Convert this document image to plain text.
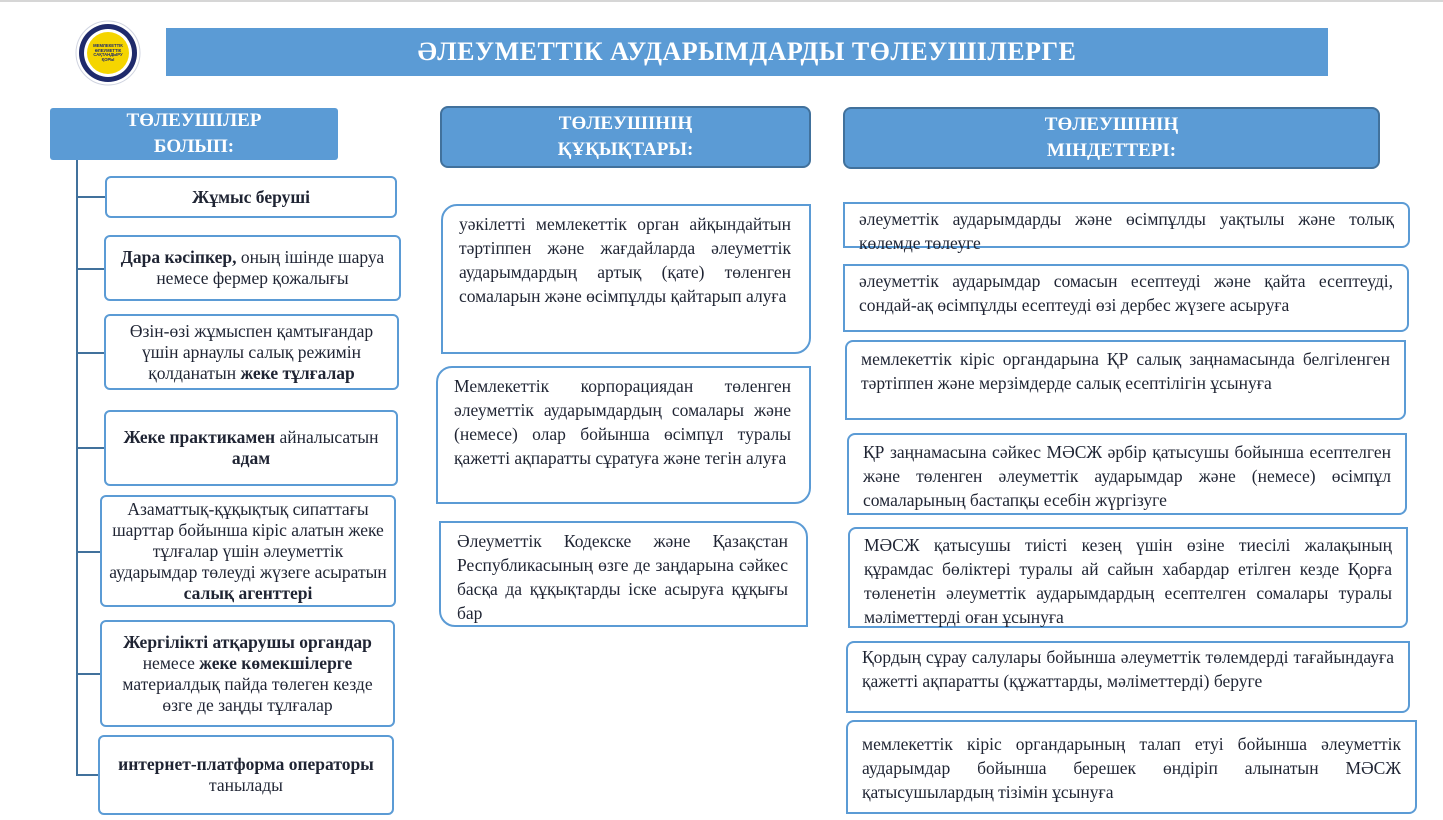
МЕМЛЕКЕТТІК
ӘЛЕУМЕТТІК
САҚТАНДЫРУ
ҚОРЫ	ӘЛЕУМЕТТІК АУДАРЫМДАРДЫ ТӨЛЕУШІЛЕРГЕ
ТӨЛЕУШІЛЕР
БОЛЫП:
ТӨЛЕУШІНІҢ
ҚҰҚЫҚТАРЫ:
ТӨЛЕУШІНІҢ
МІНДЕТТЕРІ:
Жұмыс беруші
Дара кәсіпкер, оның ішінде шаруа немесе фермер қожалығы
Өзін-өзі жұмыспен қамтығандар үшін арнаулы салық режимін қолданатын жеке тұлғалар
Жеке практикамен айналысатын адам
Азаматтық-құқықтық сипаттағы шарттар бойынша кіріс алатын жеке тұлғалар үшін әлеуметтік аударымдар төлеуді жүзеге асыратын салық агенттері
Жергілікті атқарушы органдар немесе жеке көмекшілерге материалдық пайда төлеген кезде өзге де заңды тұлғалар
интернет-платформа операторы танылады
уәкілетті мемлекеттік орган айқындайтын тәртіппен және жағдайларда әлеуметтік аударымдардың артық (қате) төленген сомаларын және өсімпұлды қайтарып алуға
Мемлекеттік корпорациядан төленген әлеуметтік аударымдардың сомалары және (немесе) олар бойынша өсімпұл туралы қажетті ақпаратты сұратуға және тегін алуға
Әлеуметтік Кодекске және Қазақстан Республикасының өзге де заңдарына сәйкес басқа да құқықтарды іске асыруға құқығы бар
әлеуметтік аударымдарды және өсімпұлды уақтылы және толық көлемде төлеуге
әлеуметтік аударымдар сомасын есептеуді және қайта есептеуді, сондай-ақ өсімпұлды есептеуді өзі дербес жүзеге асыруға
мемлекеттік кіріс органдарына ҚР салық заңнамасында белгіленген тәртіппен және мерзімдерде салық есептілігін ұсынуға
ҚР заңнамасына сәйкес МӘСЖ әрбір қатысушы бойынша есептелген және төленген әлеуметтік аударымдар және (немесе) өсімпұл сомаларының бастапқы есебін жүргізуге
МӘСЖ қатысушы тиісті кезең үшін өзіне тиесілі жалақының құрамдас бөліктері туралы ай сайын хабардар етілген кезде Қорға төленетін әлеуметтік аударымдардың есептелген сомалары туралы мәліметтерді оған ұсынуға
Қордың сұрау салулары бойынша әлеуметтік төлемдерді тағайындауға қажетті ақпаратты (құжаттарды, мәліметтерді) беруге
мемлекеттік кіріс органдарының талап етуі бойынша әлеуметтік аударымдар бойынша берешек өндіріп алынатын МӘСЖ қатысушылардың тізімін ұсынуға
